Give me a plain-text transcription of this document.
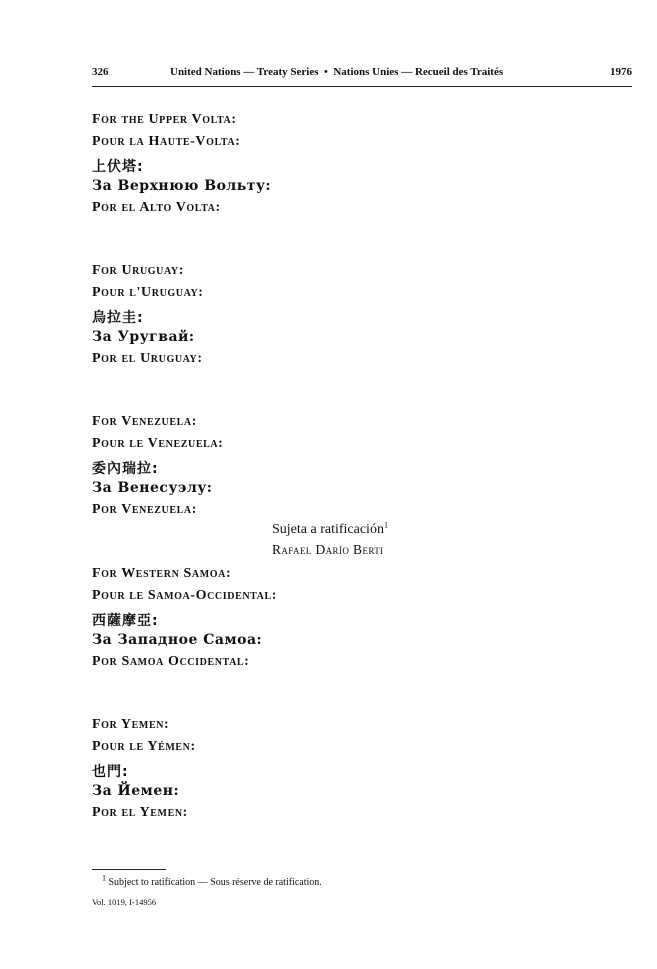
326	United Nations — Treaty Series  •  Nations Unies — Recueil des Traités	1976
For the Upper Volta:
Pour la Haute-Volta:
上伏塔:
За Верхнюю Вольту:
Por el Alto Volta:
For Uruguay:
Pour l'Uruguay:
烏拉圭:
За Уругвай:
Por el Uruguay:
For Venezuela:
Pour le Venezuela:
委內瑞拉:
За Венесуэлу:
Por Venezuela:
Sujeta a ratificación$^1$
Rafael Darío Berti
For Western Samoa:
Pour le Samoa-Occidental:
西薩摩亞:
За Западное Самоа:
Por Samoa Occidental:
For Yemen:
Pour le Yémen:
也門:
За Йемен:
Por el Yemen:
$^1$ Subject to ratification — Sous réserve de ratification.
Vol. 1019, I-14956
